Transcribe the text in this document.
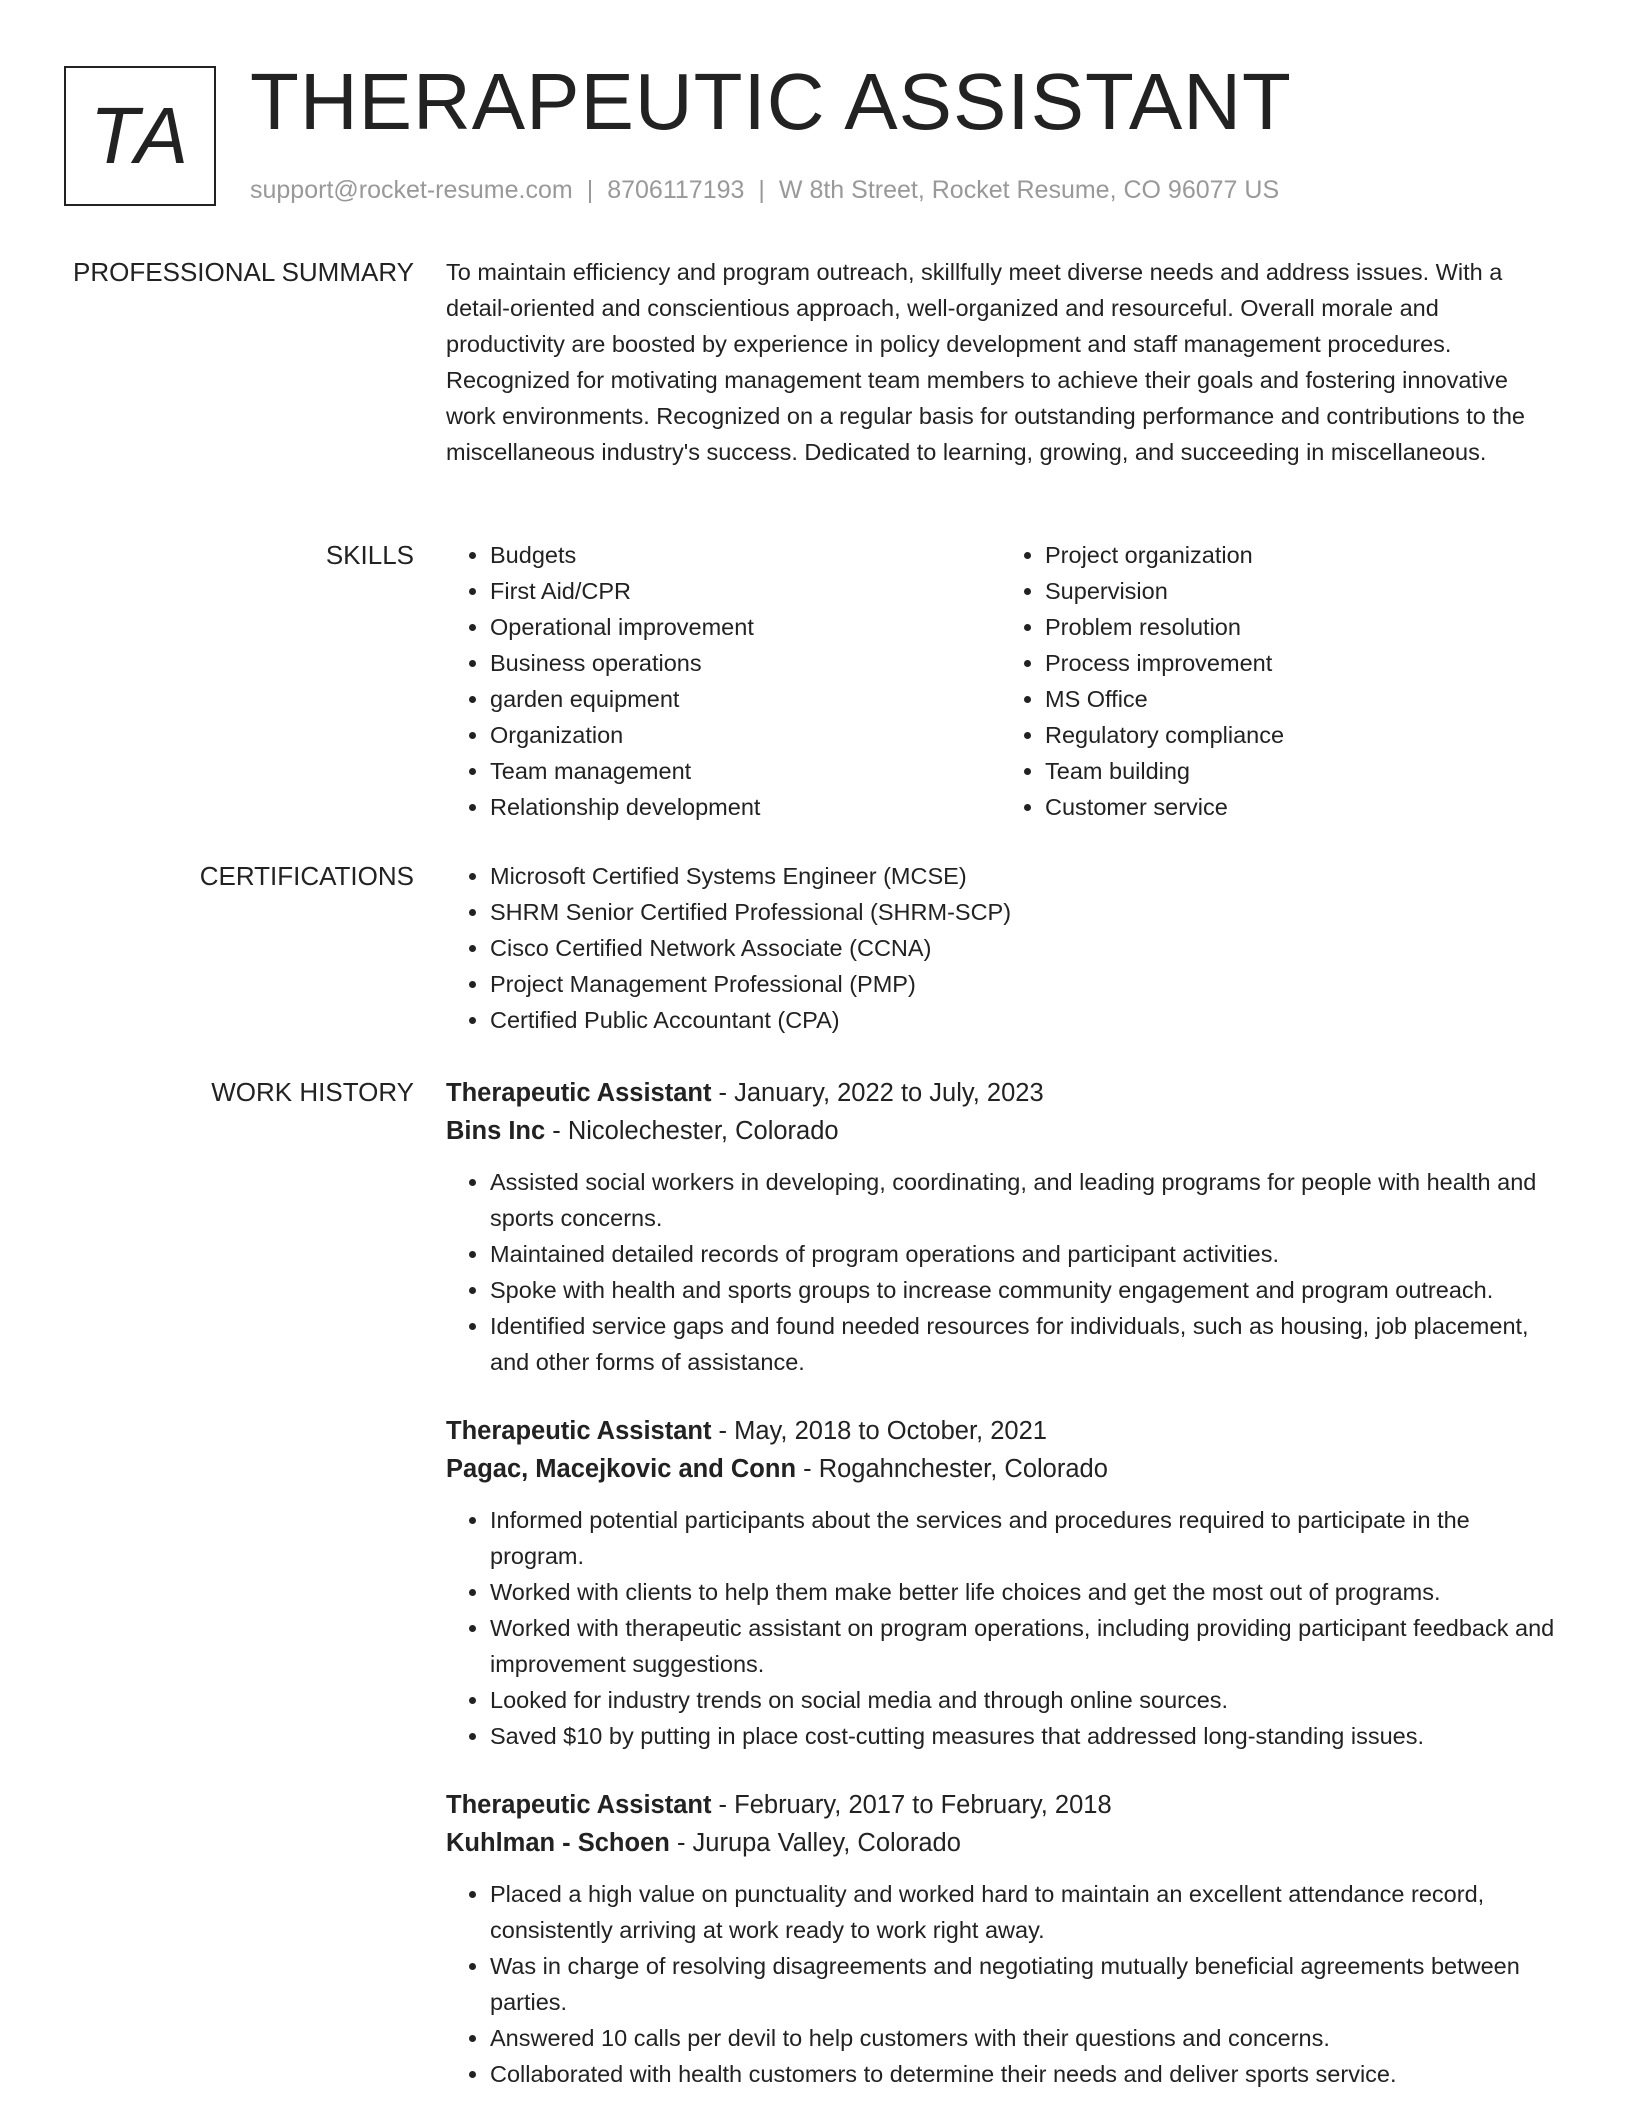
TA THERAPEUTIC ASSISTANT
support@rocket-resume.com | 8706117193 | W 8th Street, Rocket Resume, CO 96077 US
PROFESSIONAL SUMMARY To maintain efficiency and program outreach, skillfully meet diverse needs and address issues. With a detail-oriented and conscientious approach, well-organized and resourceful. Overall morale and productivity are boosted by experience in policy development and staff management procedures. Recognized for motivating management team members to achieve their goals and fostering innovative work environments. Recognized on a regular basis for outstanding performance and contributions to the miscellaneous industry's success. Dedicated to learning, growing, and succeeding in miscellaneous.

SKILLS	• Budgets
• First Aid/CPR
• Operational improvement
• Business operations
• garden equipment
• Organization
• Team management
• Relationship development
• Project organization
• Supervision
• Problem resolution
• Process improvement
• MS Office
• Regulatory compliance
• Team building
• Customer service
CERTIFICATIONS	• Microsoft Certified Systems Engineer (MCSE)
• SHRM Senior Certified Professional (SHRM-SCP)
• Cisco Certified Network Associate (CCNA)
• Project Management Professional (PMP)
• Certified Public Accountant (CPA)
WORK HISTORY Therapeutic Assistant - January, 2022 to July, 2023
Bins Inc - Nicolechester, Colorado
• Assisted social workers in developing, coordinating, and leading programs for people with health and sports concerns.
• Maintained detailed records of program operations and participant activities.
• Spoke with health and sports groups to increase community engagement and program outreach.
• Identified service gaps and found needed resources for individuals, such as housing, job placement, and other forms of assistance.
Therapeutic Assistant - May, 2018 to October, 2021
Pagac, Macejkovic and Conn - Rogahnchester, Colorado
• Informed potential participants about the services and procedures required to participate in the program.
• Worked with clients to help them make better life choices and get the most out of programs.
• Worked with therapeutic assistant on program operations, including providing participant feedback and improvement suggestions.
• Looked for industry trends on social media and through online sources.
• Saved $10 by putting in place cost-cutting measures that addressed long-standing issues.
Therapeutic Assistant - February, 2017 to February, 2018
Kuhlman - Schoen - Jurupa Valley, Colorado
• Placed a high value on punctuality and worked hard to maintain an excellent attendance record, consistently arriving at work ready to work right away.
• Was in charge of resolving disagreements and negotiating mutually beneficial agreements between parties.
• Answered 10 calls per devil to help customers with their questions and concerns.
• Collaborated with health customers to determine their needs and deliver sports service.
